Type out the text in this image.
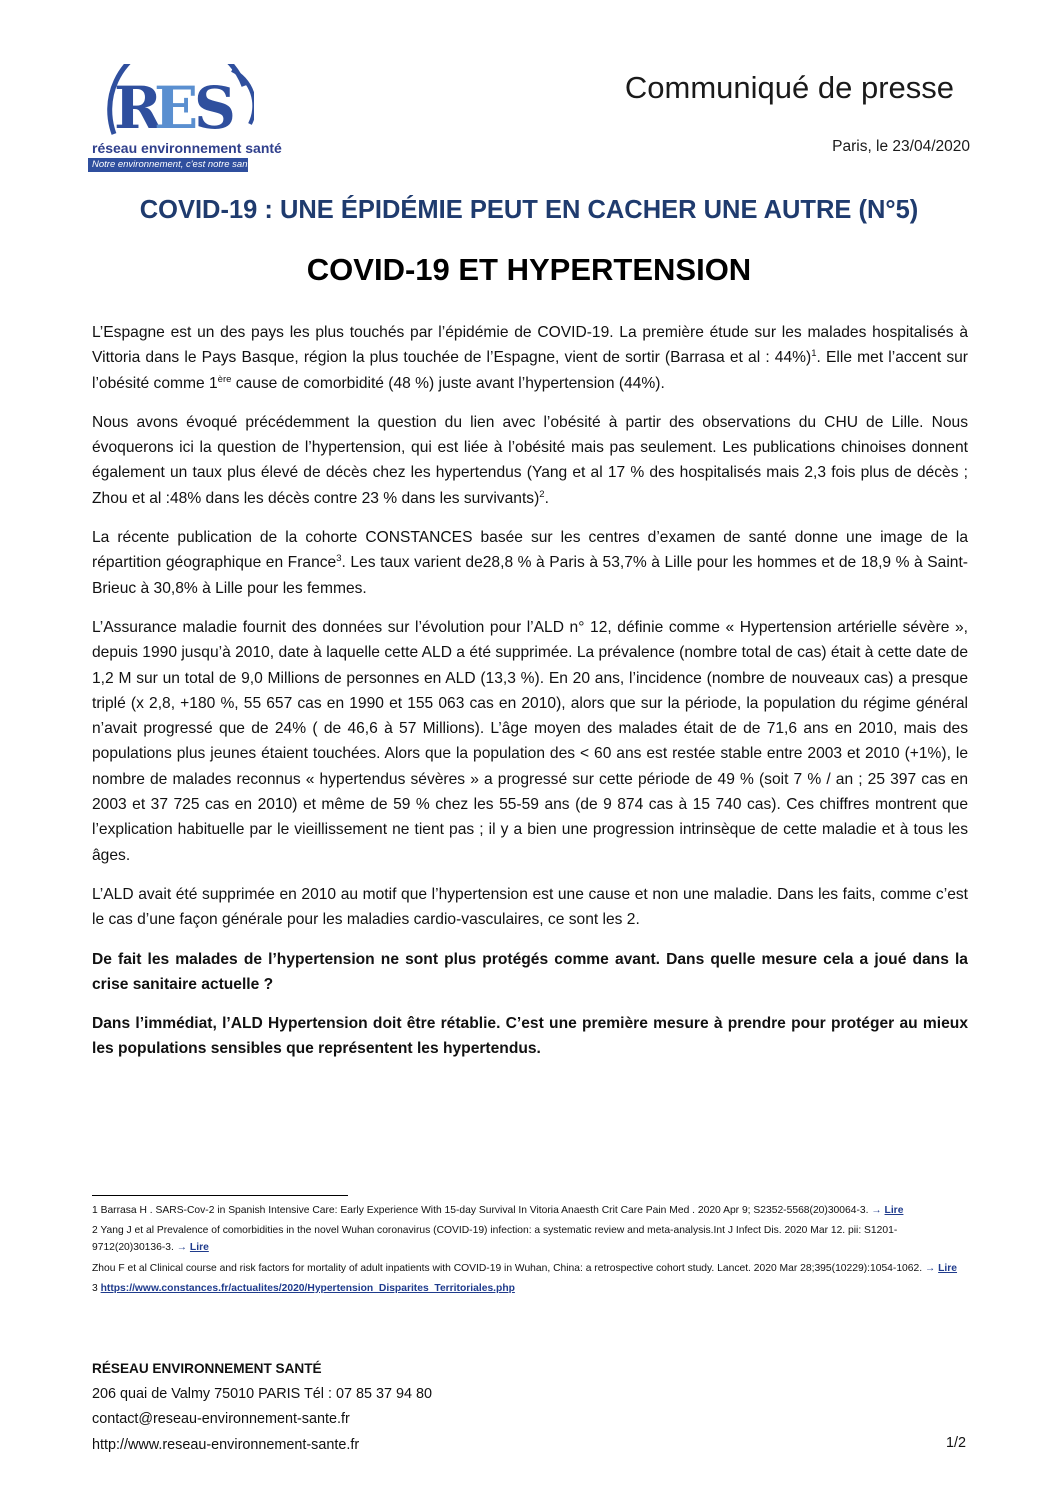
R
E
S
réseau environnement santé
Notre environnement, c'est notre santé
Communiqué de presse
Paris, le 23/04/2020
COVID-19 : UNE ÉPIDÉMIE PEUT EN CACHER UNE AUTRE (N°5)
COVID-19 ET HYPERTENSION

L’Espagne est un des pays les plus touchés par l’épidémie de COVID-19. La première étude sur les malades hospitalisés à Vittoria dans le Pays Basque, région la plus touchée de l’Espagne, vient de sortir (Barrasa et al : 44%)$^1$. Elle met l’accent sur l’obésité comme 1ère cause de comorbidité (48 %) juste avant l’hypertension (44%).

Nous avons évoqué précédemment la question du lien avec l’obésité à partir des observations du CHU de Lille. Nous évoquerons ici la question de l’hypertension, qui est liée à l’obésité mais pas seulement. Les publications chinoises donnent également un taux plus élevé de décès chez les hypertendus (Yang et al 17 % des hospitalisés mais 2,3 fois plus de décès ; Zhou et al :48% dans les décès contre 23 % dans les survivants)$^2$.

La récente publication de la cohorte CONSTANCES basée sur les centres d’examen de santé donne une image de la répartition géographique en France$^3$. Les taux varient de28,8 % à Paris à 53,7% à Lille pour les hommes et de 18,9 % à Saint-Brieuc à 30,8% à Lille pour les femmes.

L’Assurance maladie fournit des données sur l’évolution pour l’ALD n° 12, définie comme « Hypertension artérielle sévère », depuis 1990 jusqu’à 2010, date à laquelle cette ALD a été supprimée. La prévalence (nombre total de cas) était à cette date de 1,2 M sur un total de 9,0 Millions de personnes en ALD (13,3 %). En 20 ans, l’incidence (nombre de nouveaux cas) a presque triplé (x 2,8, +180 %, 55 657 cas en 1990 et 155 063 cas en 2010), alors que sur la période, la population du régime général n’avait progressé que de 24% ( de 46,6 à 57 Millions). L’âge moyen des malades était de de 71,6 ans en 2010, mais des populations plus jeunes étaient touchées. Alors que la population des < 60 ans est restée stable entre 2003 et 2010 (+1%), le nombre de malades reconnus « hypertendus sévères » a progressé sur cette période de 49 % (soit 7 % / an ; 25 397 cas en 2003 et 37 725 cas en 2010) et même de 59 % chez les 55-59 ans (de 9 874 cas à 15 740 cas). Ces chiffres montrent que l’explication habituelle par le vieillissement ne tient pas ; il y a bien une progression intrinsèque de cette maladie et à tous les âges.

L’ALD avait été supprimée en 2010 au motif que l’hypertension est une cause et non une maladie. Dans les faits, comme c’est le cas d’une façon générale pour les maladies cardio-vasculaires, ce sont les 2.

De fait les malades de l’hypertension ne sont plus protégés comme avant. Dans quelle mesure cela a joué dans la crise sanitaire actuelle ?

Dans l’immédiat, l’ALD Hypertension doit être rétablie. C’est une première mesure à prendre pour protéger au mieux les populations sensibles que représentent les hypertendus.

1 Barrasa H . SARS-Cov-2 in Spanish Intensive Care: Early Experience With 15-day Survival In Vitoria Anaesth Crit Care Pain Med . 2020 Apr 9; S2352-5568(20)30064-3. → Lire

2 Yang J et al Prevalence of comorbidities in the novel Wuhan coronavirus (COVID-19) infection: a systematic review and meta-analysis.Int J Infect Dis. 2020 Mar 12. pii: S1201-9712(20)30136-3. → Lire

Zhou F et al Clinical course and risk factors for mortality of adult inpatients with COVID-19 in Wuhan, China: a retrospective cohort study. Lancet. 2020 Mar 28;395(10229):1054-1062. → Lire

3 https://www.constances.fr/actualites/2020/Hypertension_Disparites_Territoriales.php

RÉSEAU ENVIRONNEMENT SANTÉ
206 quai de Valmy 75010 PARIS Tél : 07 85 37 94 80
contact@reseau-environnement-sante.fr
http://www.reseau-environnement-sante.fr	1/2
